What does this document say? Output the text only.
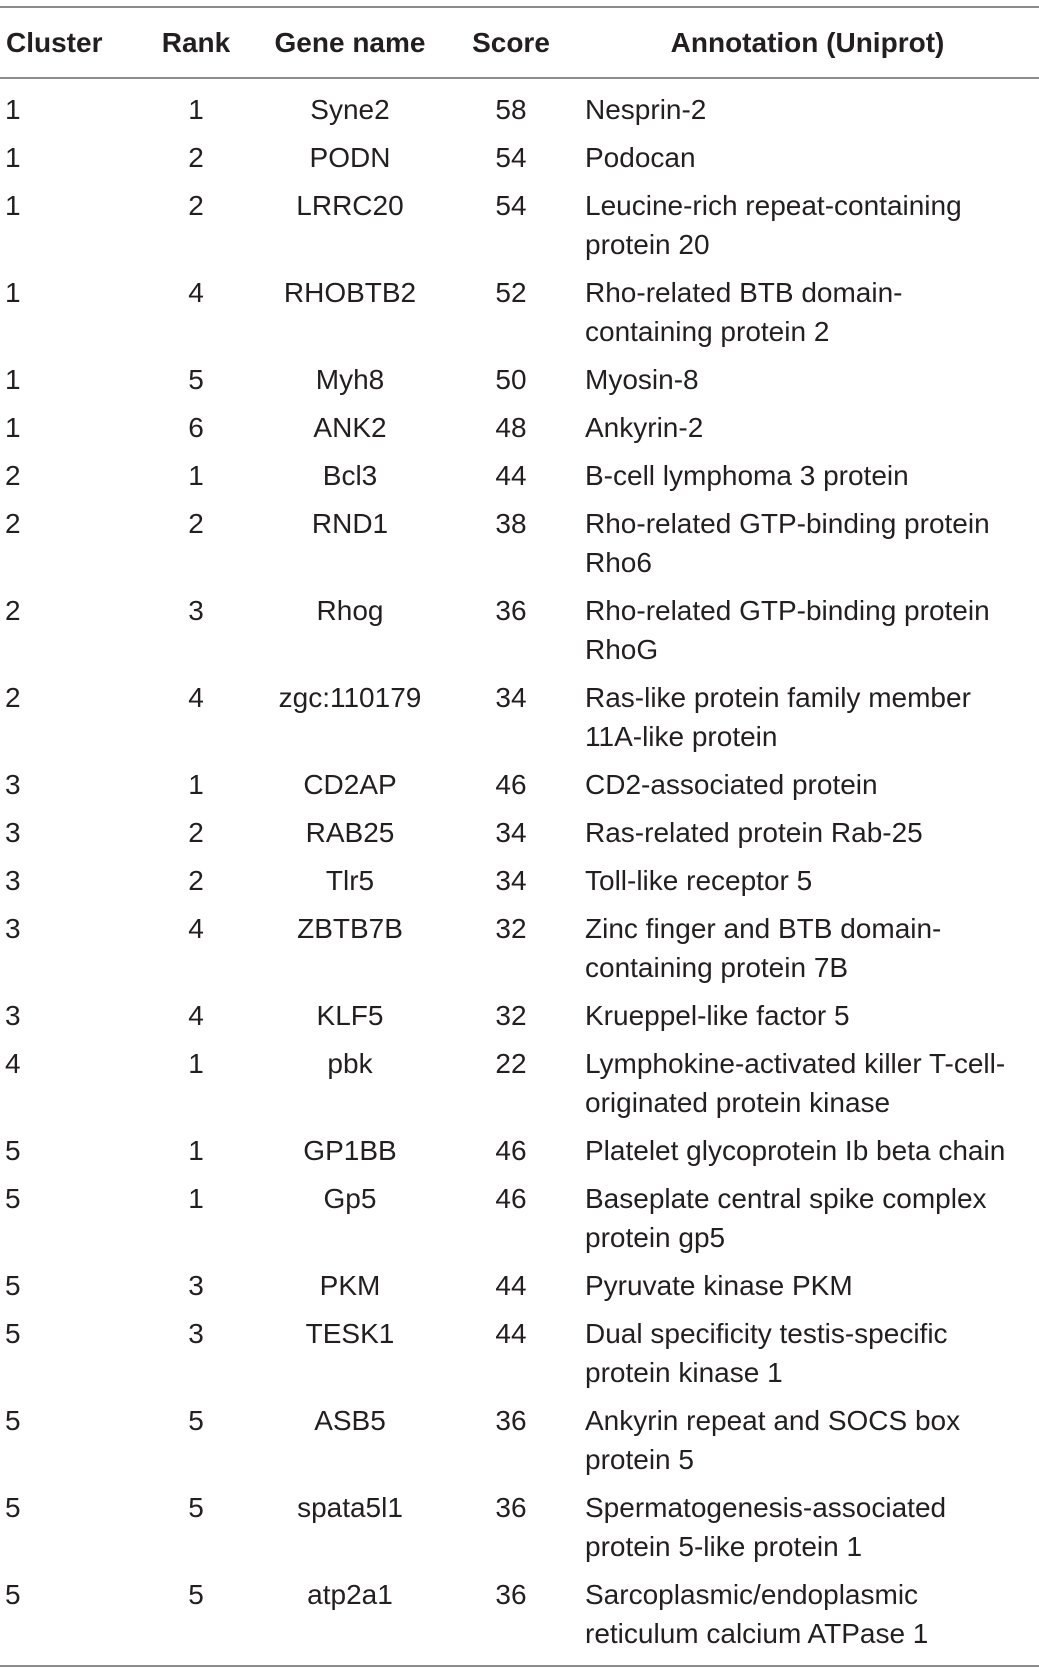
Cluster	Rank	Gene name	Score	Annotation (Uniprot)
1	1	Syne2	58	Nesprin-2
1	2	PODN	54	Podocan
1	2	LRRC20	54	Leucine-rich repeat-containing protein 20
1	4	RHOBTB2	52	Rho-related BTB domain-containing protein 2
1	5	Myh8	50	Myosin-8
1	6	ANK2	48	Ankyrin-2
2	1	Bcl3	44	B-cell lymphoma 3 protein
2	2	RND1	38	Rho-related GTP-binding protein Rho6
2	3	Rhog	36	Rho-related GTP-binding protein RhoG
2	4	zgc:110179	34	Ras-like protein family member 11A-like protein
3	1	CD2AP	46	CD2-associated protein
3	2	RAB25	34	Ras-related protein Rab-25
3	2	Tlr5	34	Toll-like receptor 5
3	4	ZBTB7B	32	Zinc finger and BTB domain-containing protein 7B
3	4	KLF5	32	Krueppel-like factor 5
4	1	pbk	22	Lymphokine-activated killer T-cell-originated protein kinase
5	1	GP1BB	46	Platelet glycoprotein Ib beta chain
5	1	Gp5	46	Baseplate central spike complex protein gp5
5	3	PKM	44	Pyruvate kinase PKM
5	3	TESK1	44	Dual specificity testis-specific protein kinase 1
5	5	ASB5	36	Ankyrin repeat and SOCS box protein 5
5	5	spata5l1	36	Spermatogenesis-associated protein 5-like protein 1
5	5	atp2a1	36	Sarcoplasmic/endoplasmic reticulum calcium ATPase 1
